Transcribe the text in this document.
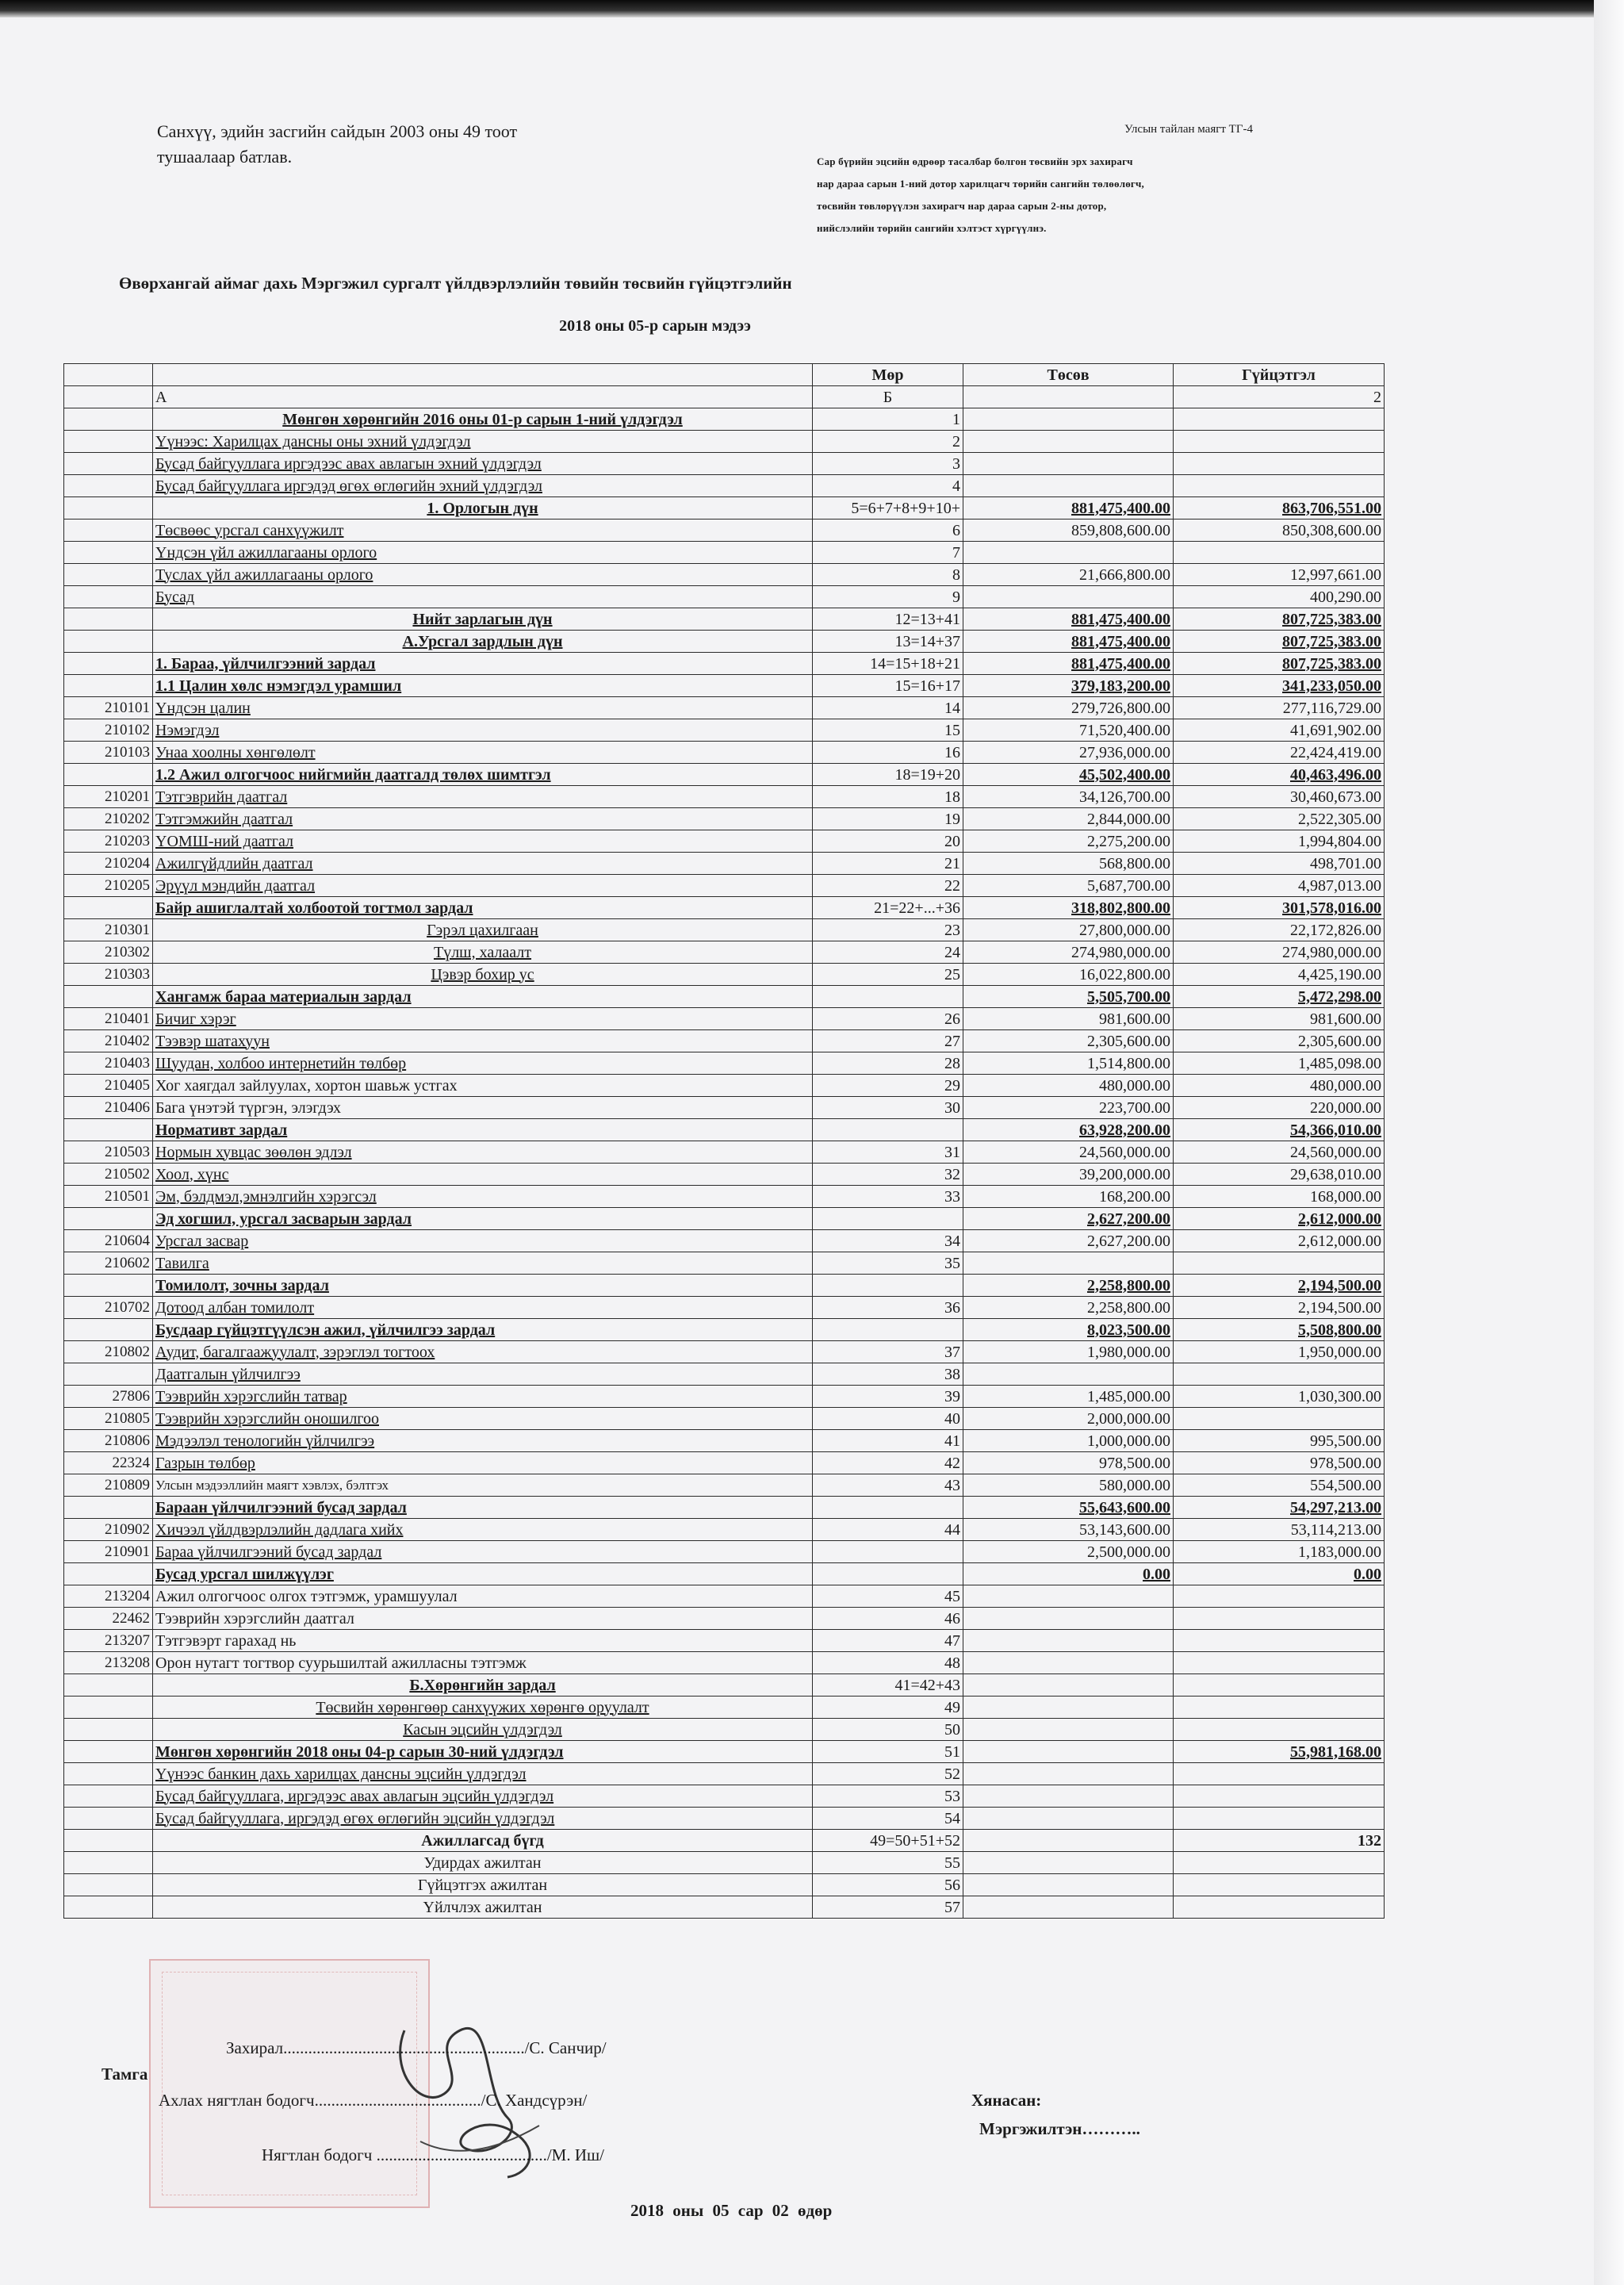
Санхүү, эдийн засгийн сайдын 2003 оны 49 тоот
тушаалаар батлав.
Улсын тайлан маягт ТГ-4
Сар бүрийн эцсийн өдрөөр тасалбар болгон төсвийн эрх захирагч
нар дараа сарын 1-ний дотор харилцагч төрийн сангийн төлөөлөгч,
төсвийн төвлөрүүлэн захирагч нар дараа сарын 2-ны дотор,
нийслэлийн төрийн сангийн хэлтэст хүргүүлнэ.
Өвөрхангай аймаг дахь Мэргэжил сургалт үйлдвэрлэлийн төвийн төсвийн гүйцэтгэлийн
2018 оны 05-р сарын мэдээ
		Мөр	Төсөв	Гүйцэтгэл
	А	Б		2
	Мөнгөн хөрөнгийн 2016 оны 01-р сарын 1-ний үлдэгдэл	1		
	Үүнээс: Харилцах дансны оны эхний үлдэгдэл	2		
	Бусад байгууллага иргэдээс авах авлагын эхний үлдэгдэл	3		
	Бусад байгууллага иргэдэд өгөх өглөгийн эхний үлдэгдэл	4		
	1. Орлогын дүн	5=6+7+8+9+10+	881,475,400.00	863,706,551.00
	Төсвөөс урсгал санхүүжилт	6	859,808,600.00	850,308,600.00
	Үндсэн үйл ажиллагааны орлого	7		
	Туслах үйл ажиллагааны орлого	8	21,666,800.00	12,997,661.00
	Бусад	9		400,290.00
	Нийт зарлагын дүн	12=13+41	881,475,400.00	807,725,383.00
	А.Урсгал зардлын дүн	13=14+37	881,475,400.00	807,725,383.00
	1. Бараа, үйлчилгээний зардал	14=15+18+21	881,475,400.00	807,725,383.00
	1.1 Цалин хөлс нэмэгдэл урамшил	15=16+17	379,183,200.00	341,233,050.00
210101	Үндсэн цалин	14	279,726,800.00	277,116,729.00
210102	Нэмэгдэл	15	71,520,400.00	41,691,902.00
210103	Унаа хоолны хөнгөлөлт	16	27,936,000.00	22,424,419.00
	1.2 Ажил олгогчоос нийгмийн даатгалд төлөх шимтгэл	18=19+20	45,502,400.00	40,463,496.00
210201	Тэтгэврийн даатгал	18	34,126,700.00	30,460,673.00
210202	Тэтгэмжийн даатгал	19	2,844,000.00	2,522,305.00
210203	ҮОМШ-ний даатгал	20	2,275,200.00	1,994,804.00
210204	Ажилгүйдлийн даатгал	21	568,800.00	498,701.00
210205	Эрүүл мэндийн даатгал	22	5,687,700.00	4,987,013.00
	Байр ашиглалтай холбоотой тогтмол зардал	21=22+...+36	318,802,800.00	301,578,016.00
210301	Гэрэл цахилгаан	23	27,800,000.00	22,172,826.00
210302	Түлш, халаалт	24	274,980,000.00	274,980,000.00
210303	Цэвэр бохир ус	25	16,022,800.00	4,425,190.00
	Хангамж бараа материалын зардал		5,505,700.00	5,472,298.00
210401	Бичиг хэрэг	26	981,600.00	981,600.00
210402	Тээвэр шатахуун	27	2,305,600.00	2,305,600.00
210403	Шуудан, холбоо интернетийн төлбөр	28	1,514,800.00	1,485,098.00
210405	Хог хаягдал зайлуулах, хортон шавьж устгах	29	480,000.00	480,000.00
210406	Бага үнэтэй түргэн, элэгдэх	30	223,700.00	220,000.00
	Нормативт зардал		63,928,200.00	54,366,010.00
210503	Нормын хувцас зөөлөн эдлэл	31	24,560,000.00	24,560,000.00
210502	Хоол, хүнс	32	39,200,000.00	29,638,010.00
210501	Эм, бэлдмэл,эмнэлгийн хэрэгсэл	33	168,200.00	168,000.00
	Эд хогшил, урсгал засварын зардал		2,627,200.00	2,612,000.00
210604	Урсгал засвар	34	2,627,200.00	2,612,000.00
210602	Тавилга	35		
	Томилолт, зочны зардал		2,258,800.00	2,194,500.00
210702	Дотоод албан томилолт	36	2,258,800.00	2,194,500.00
	Бусдаар гүйцэтгүүлсэн ажил, үйлчилгээ зардал		8,023,500.00	5,508,800.00
210802	Аудит, багалгаажуулалт, зэрэглэл тогтоох	37	1,980,000.00	1,950,000.00
	Даатгалын үйлчилгээ	38		
27806	Тээврийн хэрэгслийн татвар	39	1,485,000.00	1,030,300.00
210805	Тээврийн хэрэгслийн оношилгоо	40	2,000,000.00	
210806	Мэдээлэл тенологийн үйлчилгээ	41	1,000,000.00	995,500.00
22324	Газрын төлбөр	42	978,500.00	978,500.00
210809	Улсын мэдээллийн маягт хэвлэх, бэлтгэх	43	580,000.00	554,500.00
	Бараан үйлчилгээний бусад зардал		55,643,600.00	54,297,213.00
210902	Хичээл үйлдвэрлэлийн дадлага хийх	44	53,143,600.00	53,114,213.00
210901	Бараа үйлчилгээний бусад зардал		2,500,000.00	1,183,000.00
	Бусад урсгал шилжүүлэг		0.00	0.00
213204	Ажил олгогчоос олгох тэтгэмж, урамшуулал	45		
22462	Тээврийн хэрэгслийн даатгал	46		
213207	Тэтгэвэрт гарахад нь	47		
213208	Орон нутагт тогтвор суурьшилтай ажилласны тэтгэмж	48		
	Б.Хөрөнгийн зардал	41=42+43		
	Төсвийн хөрөнгөөр санхүүжих хөрөнгө оруулалт	49		
	Касын эцсийн үлдэгдэл	50		
	Мөнгөн хөрөнгийн 2018 оны 04-р сарын 30-ний үлдэгдэл	51		55,981,168.00
	Үүнээс банкин дахь харилцах дансны эцсийн үлдэгдэл	52		
	Бусад байгууллага, иргэдээс авах авлагын эцсийн үлдэгдэл	53		
	Бусад байгууллага, иргэдэд өгөх өглөгийн эцсийн үлдэгдэл	54		
	Ажиллагсад бүгд	49=50+51+52		132
	Удирдах ажилтан	55		
	Гүйцэтгэх ажилтан	56		
	Үйлчлэх ажилтан	57		
Захирал........................................................../С. Санчир/
Тамга
Ахлах нягтлан бодогч......................................../С. Хандсүрэн/	Хянасан:
Мэргэжилтэн………..
Нягтлан бодогч ........................................./М. Иш/
2018 оны 05 сар 02 өдөр
